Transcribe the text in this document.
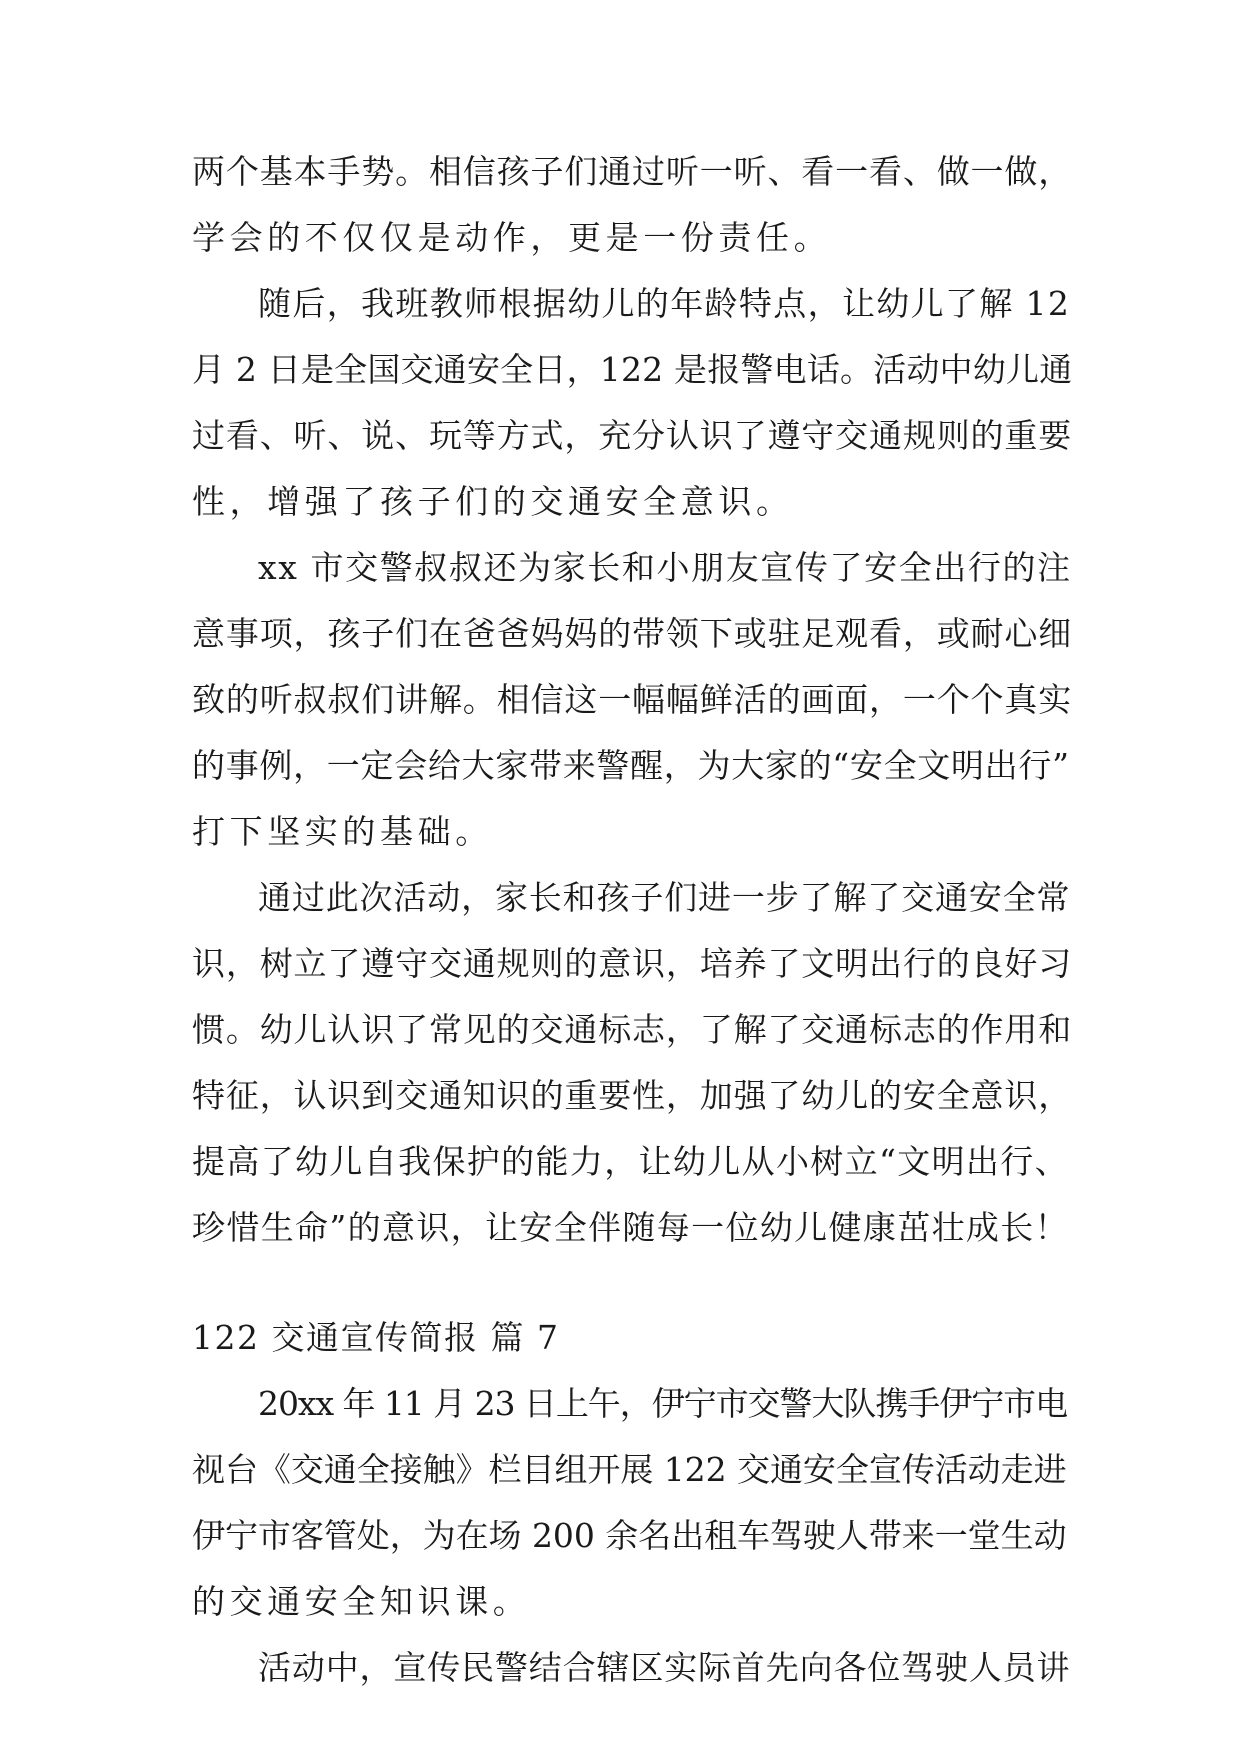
两个基本手势。相信孩子们通过听一听、看一看、做一做，
学会的不仅仅是动作，更是一份责任。
随后，我班教师根据幼儿的年龄特点，让幼儿了解 12
月 2 日是全国交通安全日，122 是报警电话。活动中幼儿通
过看、听、说、玩等方式，充分认识了遵守交通规则的重要
性，增强了孩子们的交通安全意识。
xx 市交警叔叔还为家长和小朋友宣传了安全出行的注
意事项，孩子们在爸爸妈妈的带领下或驻足观看，或耐心细
致的听叔叔们讲解。相信这一幅幅鲜活的画面，一个个真实
的事例，一定会给大家带来警醒，为大家的“安全文明出行”
打下坚实的基础。
通过此次活动，家长和孩子们进一步了解了交通安全常
识，树立了遵守交通规则的意识，培养了文明出行的良好习
惯。幼儿认识了常见的交通标志，了解了交通标志的作用和
特征，认识到交通知识的重要性，加强了幼儿的安全意识，
提高了幼儿自我保护的能力，让幼儿从小树立“文明出行、
珍惜生命”的意识，让安全伴随每一位幼儿健康茁壮成长！
122 交通宣传简报 篇 7
20xx 年 11 月 23 日上午，伊宁市交警大队携手伊宁市电
视台《交通全接触》栏目组开展 122 交通安全宣传活动走进
伊宁市客管处，为在场 200 余名出租车驾驶人带来一堂生动
的交通安全知识课。
活动中，宣传民警结合辖区实际首先向各位驾驶人员讲
